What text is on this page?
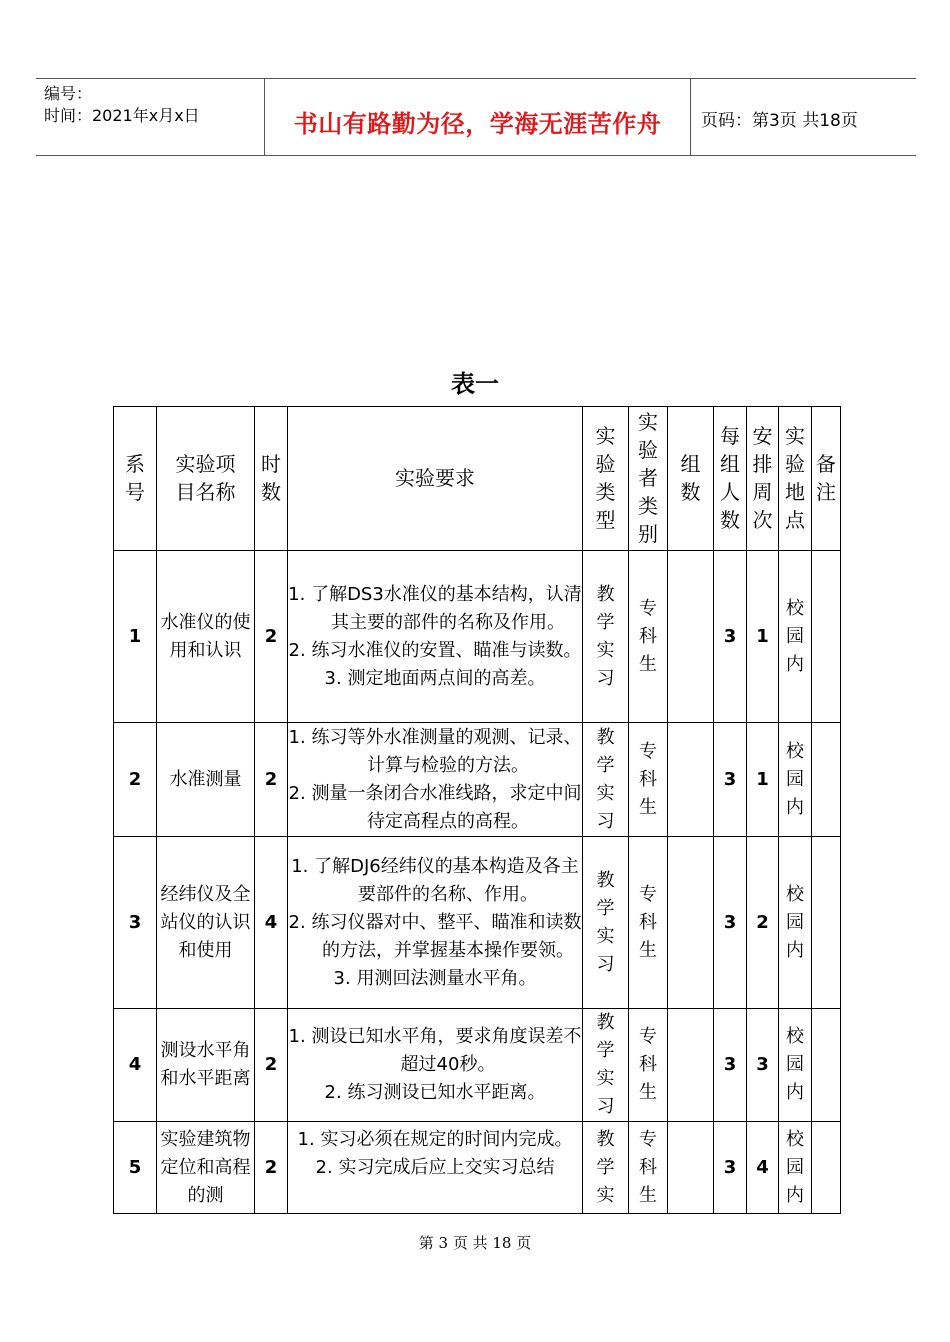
编号：
时间：2021年x月x日	书山有路勤为径，学海无涯苦作舟	页码：第3页 共18页
表一
系号	实验项目名称	时数	实验要求	实验类型	实验者类别	组数	每组人数	安排周次	实验地点	备注
1	水准仪的使用和认识	2	1. 了解DS3水准仪的基本结构，认清其主要的部件的名称及作用。
2. 练习水准仪的安置、瞄准与读数。
3. 测定地面两点间的高差。	教学实习	专科生		3	1	校园内	
2	水准测量	2	1. 练习等外水准测量的观测、记录、计算与检验的方法。
2. 测量一条闭合水准线路，求定中间待定高程点的高程。	教学实习	专科生		3	1	校园内	
3	经纬仪及全站仪的认识和使用	4	1. 了解DJ6经纬仪的基本构造及各主要部件的名称、作用。
2. 练习仪器对中、整平、瞄准和读数的方法，并掌握基本操作要领。
3. 用测回法测量水平角。	教学实习	专科生		3	2	校园内	
4	测设水平角和水平距离	2	1. 测设已知水平角，要求角度误差不超过40秒。
2. 练习测设已知水平距离。	教学实习	专科生		3	3	校园内	
5	实验建筑物定位和高程的测	2	1. 实习必须在规定的时间内完成。
2. 实习完成后应上交实习总结	教学实	专科生		3	4	校园内	
第 3 页 共 18 页
